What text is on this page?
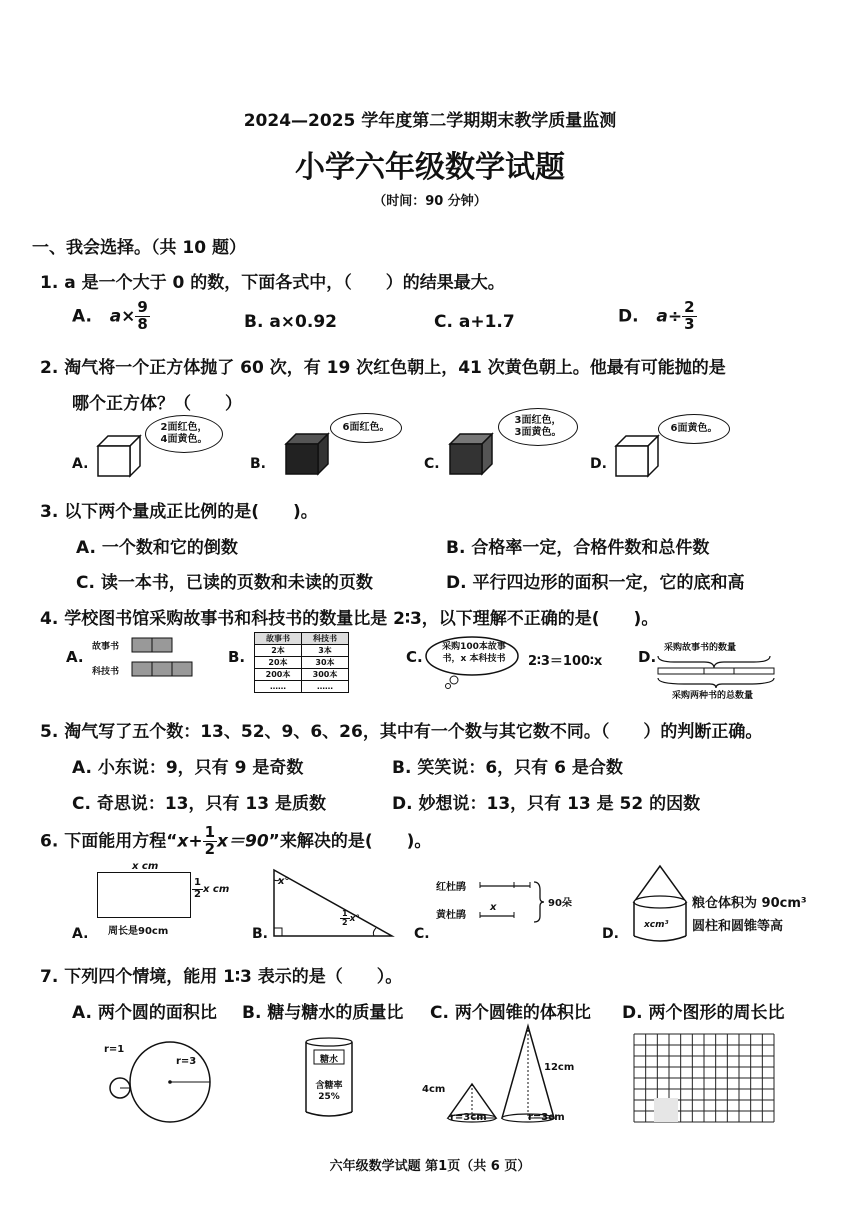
2024—2025 学年度第二学期期末教学质量监测
小学六年级数学试题
（时间：90 分钟）
一、我会选择。（共 10 题）
1. a 是一个大于 0 的数，下面各式中，（　　）的结果最大。
A. $a\times \frac{9}{8}$	B. a×0.92	C. a+1.7	D. $a\div \frac{2}{3}$
2. 淘气将一个正方体抛了 60 次，有 19 次红色朝上，41 次黄色朝上。他最有可能抛的是
哪个正方体？（　　）
A.
2面红色，
4面黄色。
B.
6面红色。
C.
3面红色，
3面黄色。
D.
6面黄色。
3. 以下两个量成正比例的是(　　)。
A. 一个数和它的倒数	B. 合格率一定，合格件数和总件数
C. 读一本书，已读的页数和未读的页数	D. 平行四边形的面积一定，它的底和高
4. 学校图书馆采购故事书和科技书的数量比是 2∶3，以下理解不正确的是(　　)。
A.
故事书
科技书
B.
故事书	科技书
2本	3本
20本	30本
200本	300本
……	……
C.
采购100本故事
书，x 本科技书	2∶3＝100∶x D. 采购故事书的数量
采购两种书的总数量
5. 淘气写了五个数：13、52、9、6、26，其中有一个数与其它数不同。（　　）的判断正确。
A. 小东说：9，只有 9 是奇数	B. 笑笑说：6，只有 6 是合数
C. 奇思说：13，只有 13 是质数	D. 妙想说：13，只有 13 是 52 的因数
6. 下面能用方程“$x+ \frac{1}{2} x=90$”来解决的是(　　)。
A.
x cm
$\frac{1}{2}$ x cm
周长是90cm	B.
x°
$\frac{1}{2} x^\circ$
C.
红杜鹃
黄杜鹃
x	90朵
D.
xcm³
粮仓体积为 90cm³
圆柱和圆锥等高
7. 下列四个情境，能用 1∶3 表示的是（　　）。
A. 两个圆的面积比 B. 糖与糖水的质量比 C. 两个圆锥的体积比 D. 两个图形的周长比
r=1
r=3	糖水
含糖率
25%
4cm
r=3cm
12cm
r=3cm
六年级数学试题 第1页（共 6 页）
